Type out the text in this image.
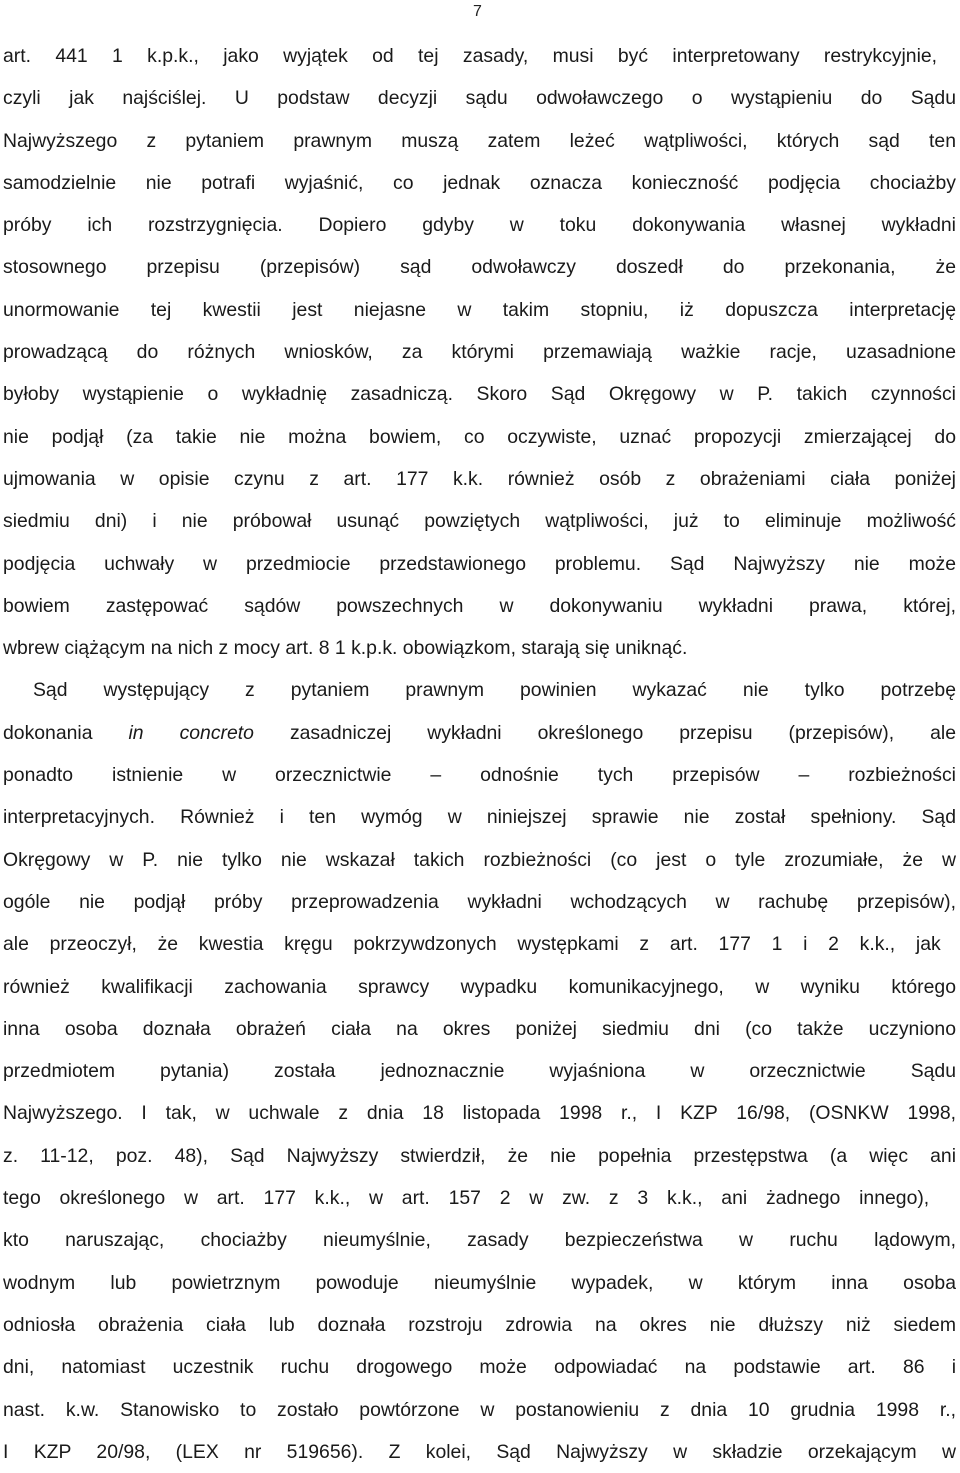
7
art. 441 1 k.p.k., jako wyjątek od tej zasady, musi być interpretowany restrykcyjnie,
czyli jak najściślej. U podstaw decyzji sądu odwoławczego o wystąpieniu do Sądu
Najwyższego z pytaniem prawnym muszą zatem leżeć wątpliwości, których sąd ten
samodzielnie nie potrafi wyjaśnić, co jednak oznacza konieczność podjęcia chociażby
próby ich rozstrzygnięcia. Dopiero gdyby w toku dokonywania własnej wykładni
stosownego przepisu (przepisów) sąd odwoławczy doszedł do przekonania, że
unormowanie tej kwestii jest niejasne w takim stopniu, iż dopuszcza interpretację
prowadzącą do różnych wniosków, za którymi przemawiają ważkie racje, uzasadnione
byłoby wystąpienie o wykładnię zasadniczą. Skoro Sąd Okręgowy w P. takich czynności
nie podjął (za takie nie można bowiem, co oczywiste, uznać propozycji zmierzającej do
ujmowania w opisie czynu z art. 177 k.k. również osób z obrażeniami ciała poniżej
siedmiu dni) i nie próbował usunąć powziętych wątpliwości, już to eliminuje możliwość
podjęcia uchwały w przedmiocie przedstawionego problemu. Sąd Najwyższy nie może
bowiem zastępować sądów powszechnych w dokonywaniu wykładni prawa, której,
wbrew ciążącym na nich z mocy art. 8 1 k.p.k. obowiązkom, starają się uniknąć.
Sąd występujący z pytaniem prawnym powinien wykazać nie tylko potrzebę
dokonania in concreto zasadniczej wykładni określonego przepisu (przepisów), ale
ponadto istnienie w orzecznictwie – odnośnie tych przepisów – rozbieżności
interpretacyjnych. Również i ten wymóg w niniejszej sprawie nie został spełniony. Sąd
Okręgowy w P. nie tylko nie wskazał takich rozbieżności (co jest o tyle zrozumiałe, że w
ogóle nie podjął próby przeprowadzenia wykładni wchodzących w rachubę przepisów),
ale przeoczył, że kwestia kręgu pokrzywdzonych występkami z art. 177 1 i 2 k.k., jak
również kwalifikacji zachowania sprawcy wypadku komunikacyjnego, w wyniku którego
inna osoba doznała obrażeń ciała na okres poniżej siedmiu dni (co także uczyniono
przedmiotem pytania) została jednoznacznie wyjaśniona w orzecznictwie Sądu
Najwyższego. I tak, w uchwale z dnia 18 listopada 1998 r., I KZP 16/98, (OSNKW 1998,
z. 11-12, poz. 48), Sąd Najwyższy stwierdził, że nie popełnia przestępstwa (a więc ani
tego określonego w art. 177 k.k., w art. 157 2 w zw. z 3 k.k., ani żadnego innego),
kto naruszając, chociażby nieumyślnie, zasady bezpieczeństwa w ruchu lądowym,
wodnym lub powietrznym powoduje nieumyślnie wypadek, w którym inna osoba
odniosła obrażenia ciała lub doznała rozstroju zdrowia na okres nie dłuższy niż siedem
dni, natomiast uczestnik ruchu drogowego może odpowiadać na podstawie art. 86 i
nast. k.w. Stanowisko to zostało powtórzone w postanowieniu z dnia 10 grudnia 1998 r.,
I KZP 20/98, (LEX nr 519656). Z kolei, Sąd Najwyższy w składzie orzekającym w
